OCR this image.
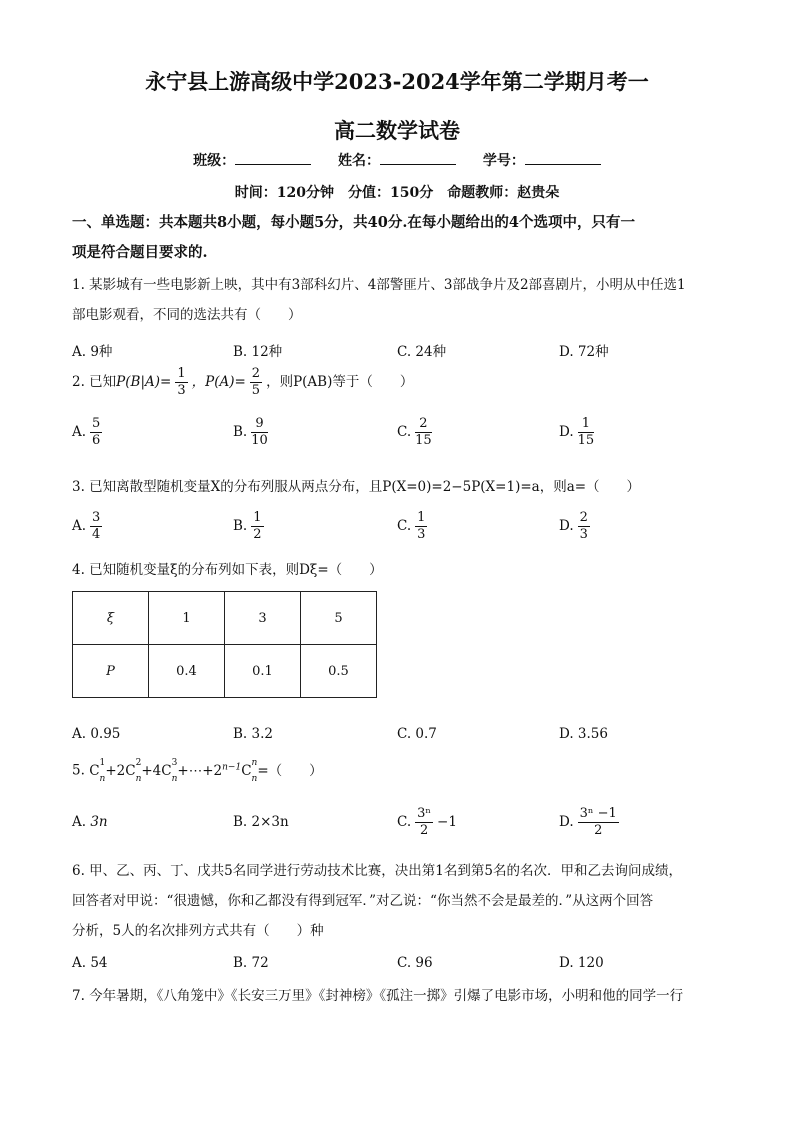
永宁县上游高级中学2023-2024学年第二学期月考一
高二数学试卷
班级：	姓名：	学号：
时间：120分钟　分值：150分　命题教师：赵贵朵
一、单选题：共本题共8小题，每小题5分，共40分.在每小题给出的4个选项中，只有一
项是符合题目要求的.
1. 某影城有一些电影新上映，其中有3部科幻片、4部警匪片、3部战争片及2部喜剧片，小明从中任选1
部电影观看，不同的选法共有（　　）
A. 9种	B. 12种	C. 24种	D. 72种
2. 已知$P(B|A)= \frac{1}{3}$ ，$P(A)= \frac{2}{5}$ ，则P(AB)等于（　　）
A. $\frac{5}{6}$	B. $\frac{9}{10}$	C. $\frac{2}{15}$	D. $\frac{1}{15}$
3. 已知离散型随机变量X的分布列服从两点分布，且P(X=0)=2−5P(X=1)=a，则a=（　　）
A. $\frac{3}{4}$	B. $\frac{1}{2}$	C. $\frac{1}{3}$	D. $\frac{2}{3}$
4. 已知随机变量ξ的分布列如下表，则Dξ=（　　）
ξ	1	3	5
P	0.4	0.1	0.5
A. 0.95	B. 3.2	C. 0.7	D. 3.56
5. $C^1$
$_n+2C^2$
$_n+4C^3$
$_n+\cdots+2^{n-1}C^n$
$_n$=（　　）
A. 3n	B. 2×3n	C. $\frac{\text{3ⁿ}}{2} -1$	D. $\frac{\text{3ⁿ −1}}{2}$
6. 甲、乙、丙、丁、戊共5名同学进行劳动技术比赛，决出第1名到第5名的名次．甲和乙去询问成绩，
回答者对甲说：“很遗憾，你和乙都没有得到冠军．”对乙说：“你当然不会是最差的．”从这两个回答
分析，5人的名次排列方式共有（　　）种
A. 54	B. 72	C. 96	D. 120
7. 今年暑期，《八角笼中》《长安三万里》《封神榜》《孤注一掷》引爆了电影市场，小明和他的同学一行
